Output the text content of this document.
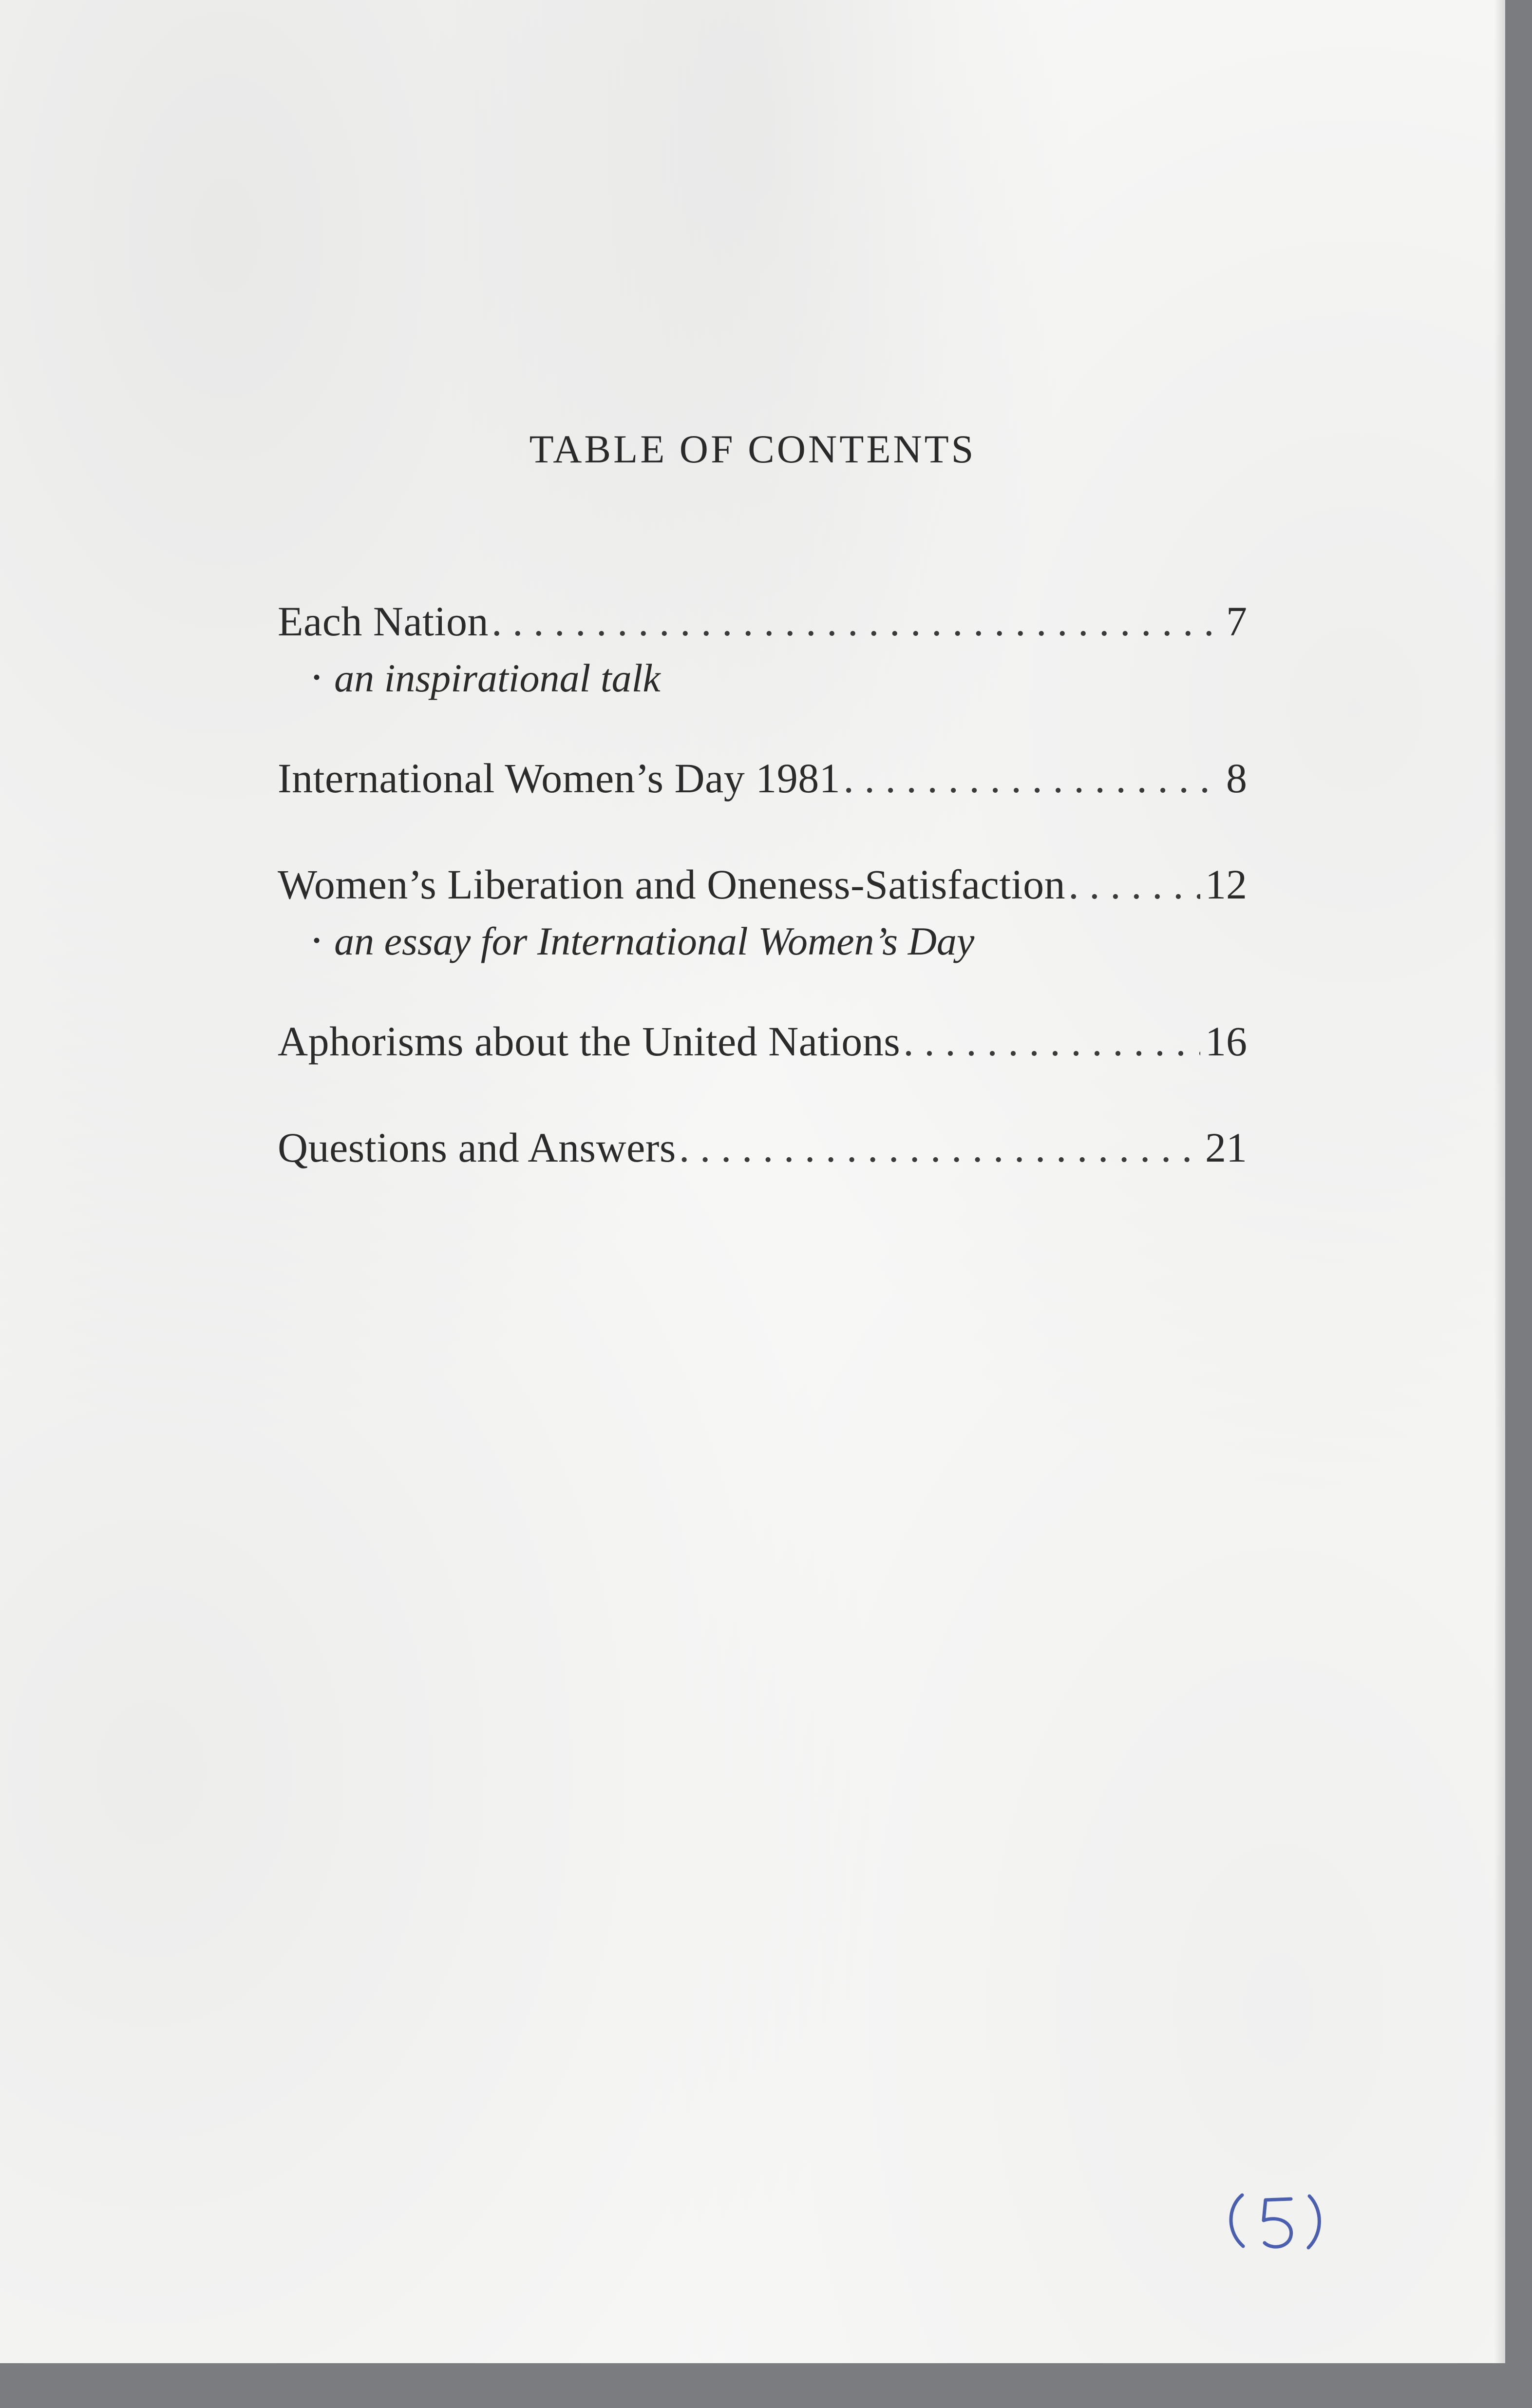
TABLE OF CONTENTS
Each Nation . . .	7
• an inspirational talk
International Women’s Day 1981 . . .	8
Women’s Liberation and Oneness-Satisfaction . . .	12
• an essay for International Women’s Day
Aphorisms about the United Nations . . .	16
Questions and Answers . . .	21
